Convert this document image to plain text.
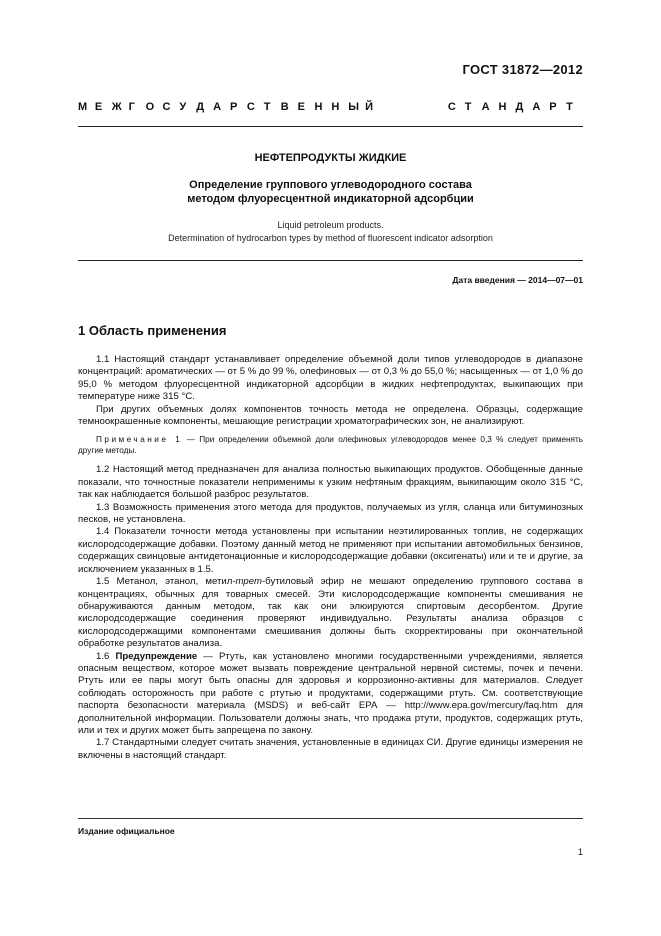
ГОСТ 31872—2012
М Е Ж Г О С У Д А Р С Т В Е Н Н Ы Й	С Т А Н Д А Р Т
НЕФТЕПРОДУКТЫ ЖИДКИЕ
Определение группового углеводородного состава
методом флуоресцентной индикаторной адсорбции
Liquid petroleum products.
Determination of hydrocarbon types by method of fluorescent indicator adsorption
Дата введения — 2014—07—01
1 Область применения

1.1 Настоящий стандарт устанавливает определение объемной доли типов углеводородов в диапазоне концентраций: ароматических — от 5 % до 99 %, олефиновых — от 0,3 % до 55,0 %; насыщенных — от 1,0 % до 95,0 % методом флуоресцентной индикаторной адсорбции в жидких нефтепродуктах, выкипающих при температуре ниже 315 °С.

При других объемных долях компонентов точность метода не определена. Образцы, содержащие темноокрашенные компоненты, мешающие регистрации хроматографических зон, не анализируют.

Примечание 1 — При определении объемной доли олефиновых углеводородов менее 0,3 % следует применять другие методы.

1.2 Настоящий метод предназначен для анализа полностью выкипающих продуктов. Обобщенные данные показали, что точностные показатели неприменимы к узким нефтяным фракциям, выкипающим около 315 °С, так как наблюдается большой разброс результатов.

1.3 Возможность применения этого метода для продуктов, получаемых из угля, сланца или битуминозных песков, не установлена.

1.4 Показатели точности метода установлены при испытании неэтилированных топлив, не содержащих кислородсодержащие добавки. Поэтому данный метод не применяют при испытании автомобильных бензинов, содержащих свинцовые антидетонационные и кислородсодержащие добавки (оксигенаты) или и те и другие, за исключением указанных в 1.5.

1.5 Метанол, этанол, метил-трет-бутиловый эфир не мешают определению группового состава в концентрациях, обычных для товарных смесей. Эти кислородсодержащие компоненты смешивания не обнаруживаются данным методом, так как они элюируются спиртовым десорбентом. Другие кислородсодержащие соединения проверяют индивидуально. Результаты анализа образцов с кислородсодержащими компонентами смешивания должны быть скорректированы при окончательной обработке результатов анализа.

1.6 Предупреждение — Ртуть, как установлено многими государственными учреждениями, является опасным веществом, которое может вызвать повреждение центральной нервной системы, почек и печени. Ртуть или ее пары могут быть опасны для здоровья и коррозионно-активны для материалов. Следует соблюдать осторожность при работе с ртутью и продуктами, содержащими ртуть. См. соответствующие паспорта безопасности материала (MSDS) и веб-сайт ЕРА — http://www.epa.gov/mercury/faq.htm для дополнительной информации. Пользователи должны знать, что продажа ртути, продуктов, содержащих ртуть, или и тех и других может быть запрещена по закону.

1.7 Стандартными следует считать значения, установленные в единицах СИ. Другие единицы измерения не включены в настоящий стандарт.

Издание официальное
1
